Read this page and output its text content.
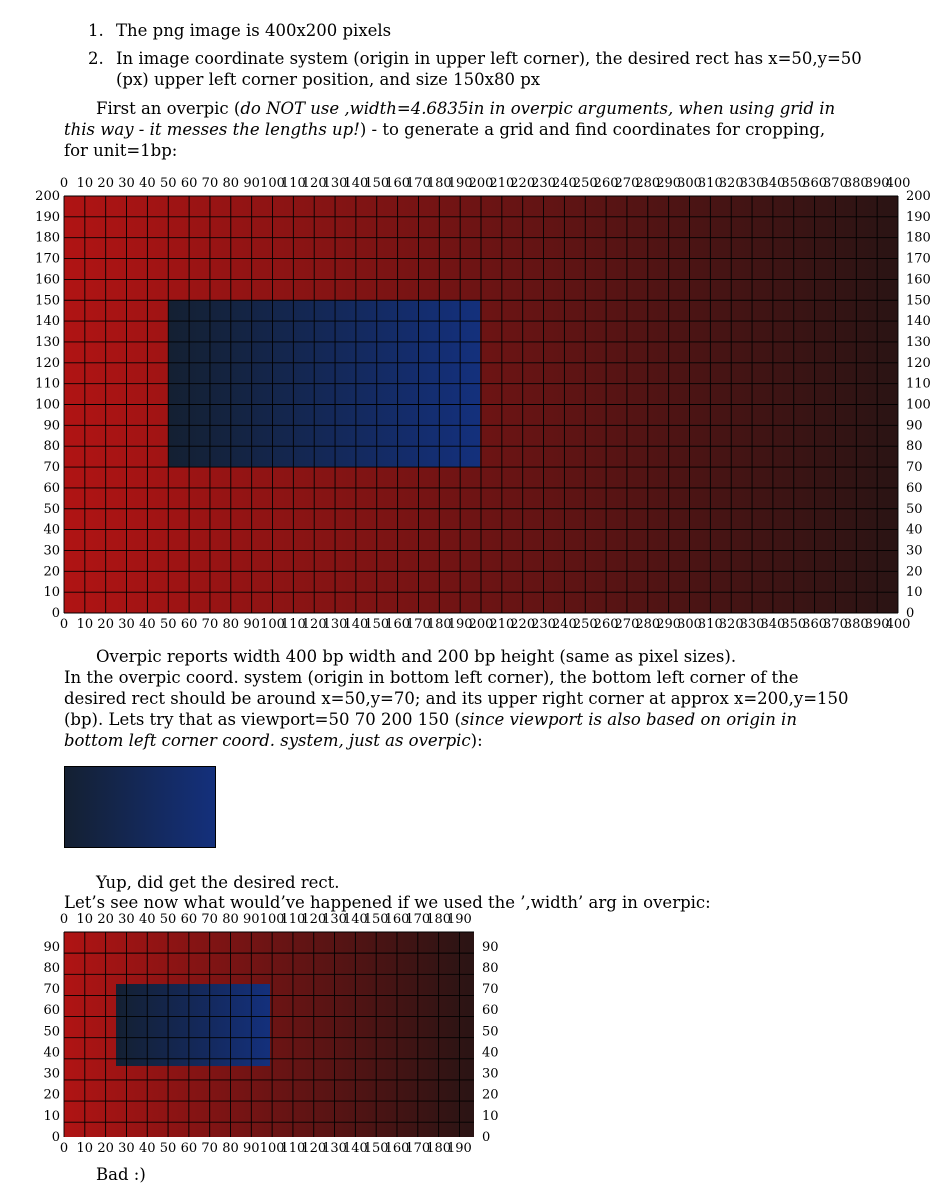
1. The png image is 400x200 pixels
2. In image coordinate system (origin in upper left corner), the desired rect has x=50,y=50
(px) upper left corner position, and size 150x80 px
First an overpic (do NOT use ,width=4.6835in in overpic arguments, when using grid in
this way - it messes the lengths up!) - to generate a grid and find coordinates for cropping,
for unit=1bp:
0
0
10
10
20
20
30
30
40
40
50
50
60
60
70
70
80
80
90
90
100
100
110
110
120
120
130
130
140
140
150
150
160
160
170
170
180
180
190
190
200
200
210
210
220
220
230
230
240
240
250
250
260
260
270
270
280
280
290
290
300
300
310
310
320
320
330
330
340
340
350
350
360
360
370
370
380
380
390
390
400
400
0	0
10	10
20	20
30	30
40	40
50	50
60	60
70	70
80	80
90	90
100	100
110	110
120	120
130	130
140	140
150	150
160	160
170	170
180	180
190	190
200	200
Overpic reports width 400 bp width and 200 bp height (same as pixel sizes).
In the overpic coord. system (origin in bottom left corner), the bottom left corner of the
desired rect should be around x=50,y=70; and its upper right corner at approx x=200,y=150
(bp). Lets try that as viewport=50 70 200 150 (since viewport is also based on origin in
bottom left corner coord. system, just as overpic):
Yup, did get the desired rect.
Let’s see now what would’ve happened if we used the ’,width’ arg in overpic:
0
0
10
10
20
20
30
30
40
40
50
50
60
60
70
70
80
80
90
90
100
100
110
110
120
120
130
130
140
140
150
150
160
160
170
170
180
180
190
190
0	0
10	10
20	20
30	30
40	40
50	50
60	60
70	70
80	80
90	90
Bad :)
